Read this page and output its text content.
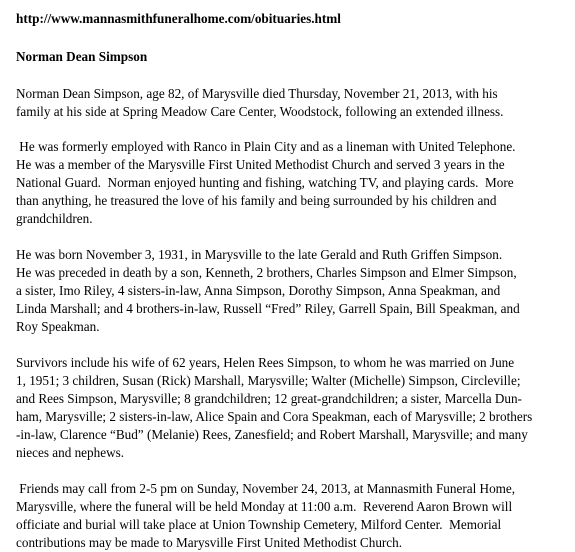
http://www.mannasmithfuneralhome.com/obituaries.html

Norman Dean Simpson

Norman Dean Simpson, age 82, of Marysville died Thursday, November 21, 2013, with his
family at his side at Spring Meadow Care Center, Woodstock, following an extended illness.

He was formerly employed with Ranco in Plain City and as a lineman with United Telephone.
He was a member of the Marysville First United Methodist Church and served 3 years in the
National Guard.  Norman enjoyed hunting and fishing, watching TV, and playing cards.  More
than anything, he treasured the love of his family and being surrounded by his children and
grandchildren.

He was born November 3, 1931, in Marysville to the late Gerald and Ruth Griffen Simpson.
He was preceded in death by a son, Kenneth, 2 brothers, Charles Simpson and Elmer Simpson,
a sister, Imo Riley, 4 sisters-in-law, Anna Simpson, Dorothy Simpson, Anna Speakman, and
Linda Marshall; and 4 brothers-in-law, Russell “Fred” Riley, Garrell Spain, Bill Speakman, and
Roy Speakman.

Survivors include his wife of 62 years, Helen Rees Simpson, to whom he was married on June
1, 1951; 3 children, Susan (Rick) Marshall, Marysville; Walter (Michelle) Simpson, Circleville;
and Rees Simpson, Marysville; 8 grandchildren; 12 great-grandchildren; a sister, Marcella Dun-
ham, Marysville; 2 sisters-in-law, Alice Spain and Cora Speakman, each of Marysville; 2 brothers
-in-law, Clarence “Bud” (Melanie) Rees, Zanesfield; and Robert Marshall, Marysville; and many
nieces and nephews.

Friends may call from 2-5 pm on Sunday, November 24, 2013, at Mannasmith Funeral Home,
Marysville, where the funeral will be held Monday at 11:00 a.m.  Reverend Aaron Brown will
officiate and burial will take place at Union Township Cemetery, Milford Center.  Memorial
contributions may be made to Marysville First United Methodist Church.
